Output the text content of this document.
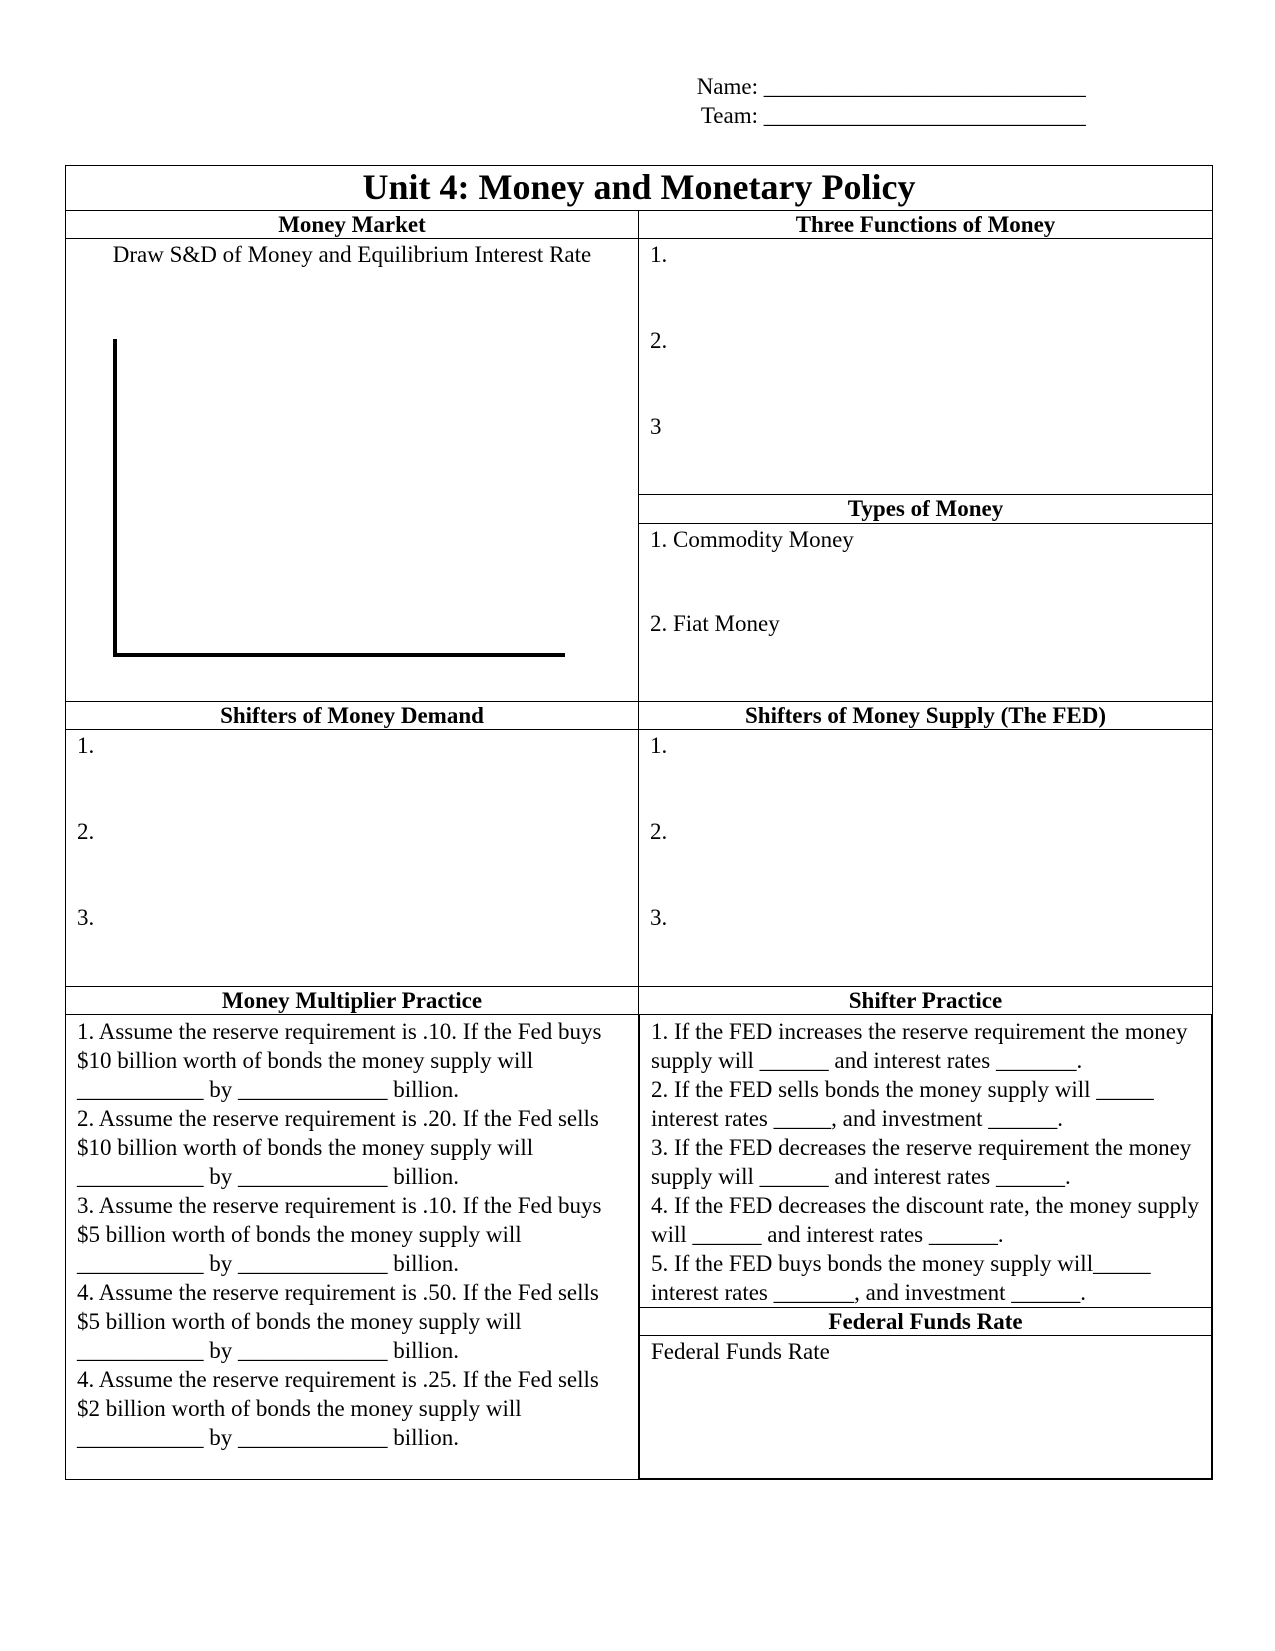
Name: ____________________________
Team: ____________________________
Unit 4: Money and Monetary Policy
Money Market	Three Functions of Money

Draw S&D of Money and Equilibrium Interest Rate	1.
2.
3

Types of Money

1. Commodity Money
2. Fiat Money

Shifters of Money Demand	Shifters of Money Supply (The FED)

1.
2.
3.

1.
2.
3.

Money Multiplier Practice	Shifter Practice

1. Assume the reserve requirement is .10. If the Fed buys $10 billion worth of bonds the money supply will ___________ by _____________ billion.
2. Assume the reserve requirement is .20. If the Fed sells $10 billion worth of bonds the money supply will ___________ by _____________ billion.
3. Assume the reserve requirement is .10. If the Fed buys $5 billion worth of bonds the money supply will ___________ by _____________ billion.
4. Assume the reserve requirement is .50. If the Fed sells $5 billion worth of bonds the money supply will ___________ by _____________ billion.
4. Assume the reserve requirement is .25. If the Fed sells $2 billion worth of bonds the money supply will ___________ by _____________ billion.

1. If the FED increases the reserve requirement the money supply will ______ and interest rates _______.
2. If the FED sells bonds the money supply will _____ interest rates _____, and investment ______.
3. If the FED decreases the reserve requirement the money supply will ______ and interest rates ______.
4. If the FED decreases the discount rate, the money supply will ______ and interest rates ______.
5. If the FED buys bonds the money supply will_____ interest rates _______, and investment ______.

Federal Funds Rate

Federal Funds Rate
